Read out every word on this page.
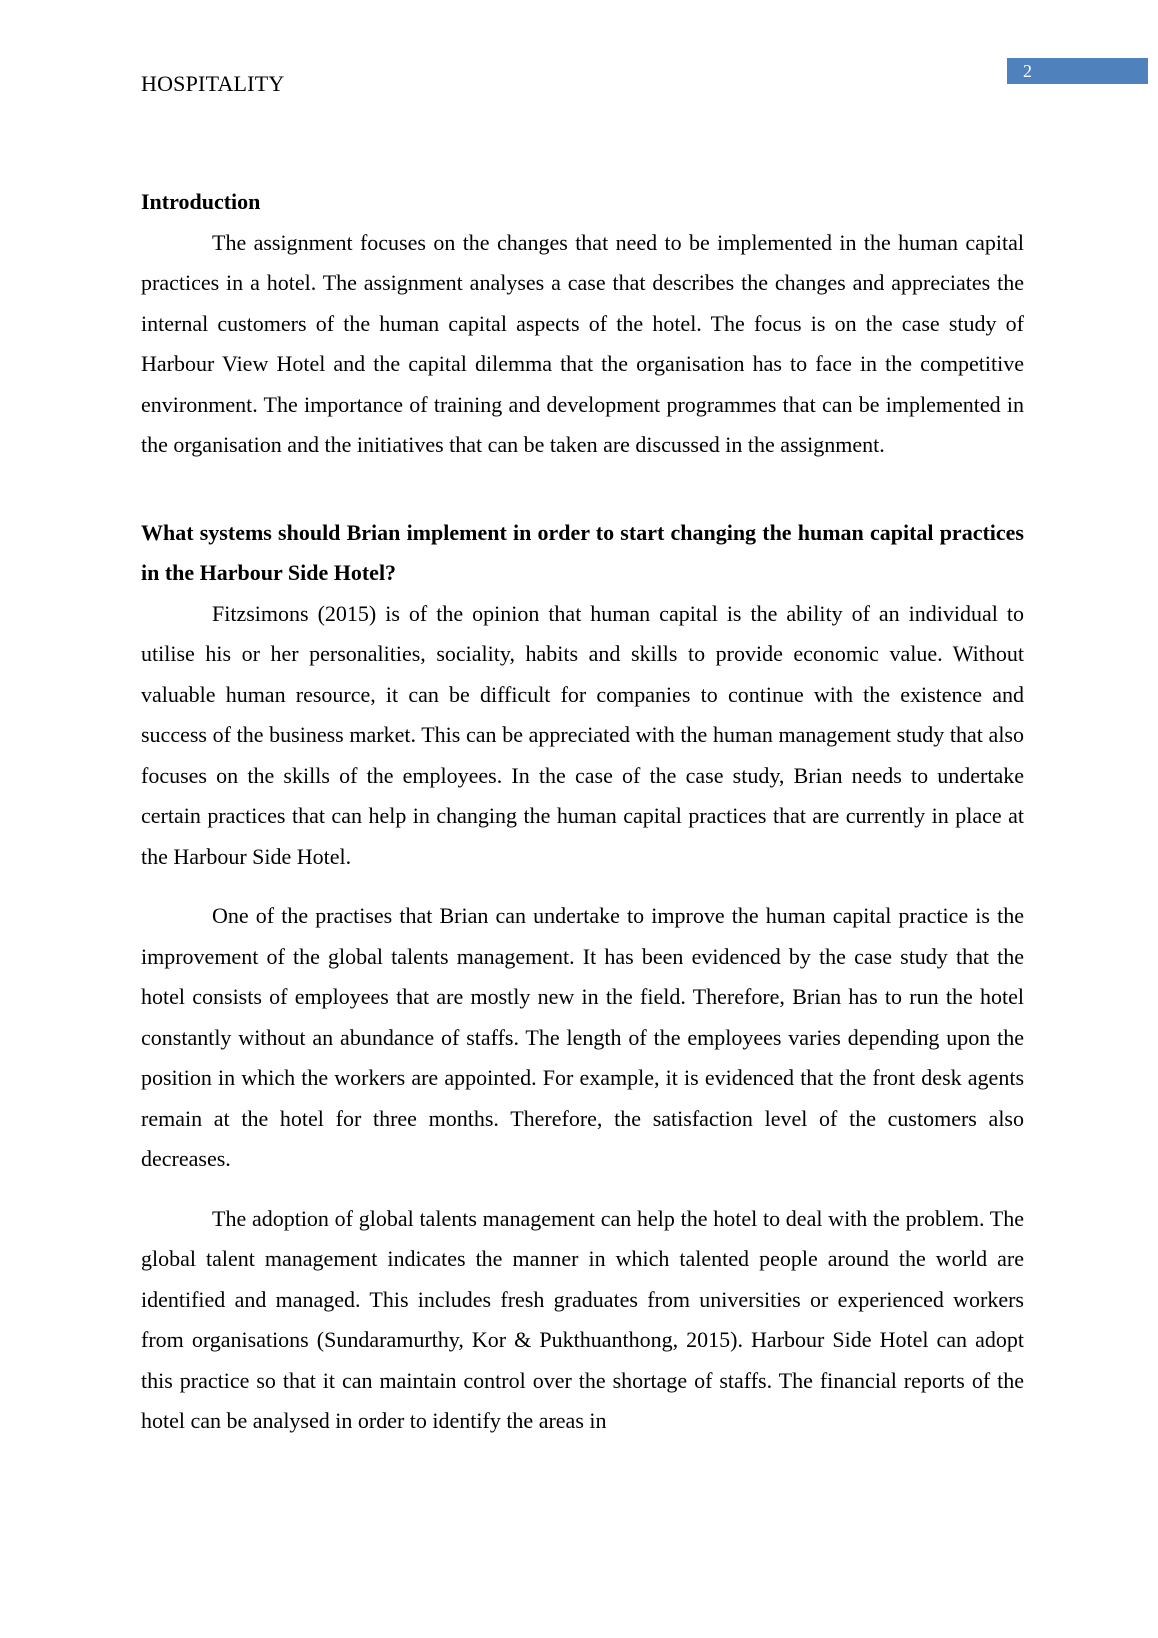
HOSPITALITY	2

Introduction

The assignment focuses on the changes that need to be implemented in the human capital practices in a hotel. The assignment analyses a case that describes the changes and appreciates the internal customers of the human capital aspects of the hotel. The focus is on the case study of Harbour View Hotel and the capital dilemma that the organisation has to face in the competitive environment. The importance of training and development programmes that can be implemented in the organisation and the initiatives that can be taken are discussed in the assignment.

What systems should Brian implement in order to start changing the human capital practices in the Harbour Side Hotel?

Fitzsimons (2015) is of the opinion that human capital is the ability of an individual to utilise his or her personalities, sociality, habits and skills to provide economic value. Without valuable human resource, it can be difficult for companies to continue with the existence and success of the business market. This can be appreciated with the human management study that also focuses on the skills of the employees. In the case of the case study, Brian needs to undertake certain practices that can help in changing the human capital practices that are currently in place at the Harbour Side Hotel.

One of the practises that Brian can undertake to improve the human capital practice is the improvement of the global talents management. It has been evidenced by the case study that the hotel consists of employees that are mostly new in the field. Therefore, Brian has to run the hotel constantly without an abundance of staffs. The length of the employees varies depending upon the position in which the workers are appointed. For example, it is evidenced that the front desk agents remain at the hotel for three months. Therefore, the satisfaction level of the customers also decreases.

The adoption of global talents management can help the hotel to deal with the problem. The global talent management indicates the manner in which talented people around the world are identified and managed. This includes fresh graduates from universities or experienced workers from organisations (Sundaramurthy, Kor & Pukthuanthong, 2015). Harbour Side Hotel can adopt this practice so that it can maintain control over the shortage of staffs. The financial reports of the hotel can be analysed in order to identify the areas in
